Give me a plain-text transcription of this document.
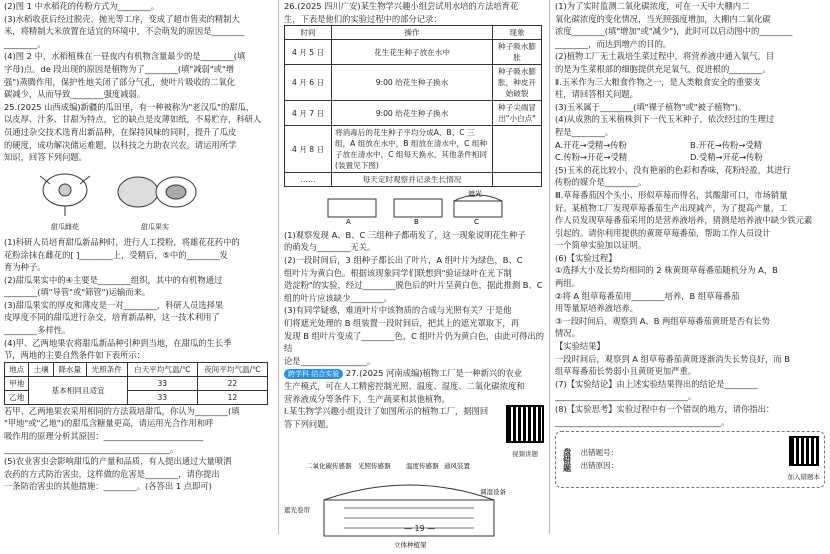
(2)图 1 中水稻花的传粉方式为________。

(3)水稻收获后经过脱壳、抛光等工序，变成了超市售卖的精制大

米，将精制大米放置在适宜的环境中，不会萌发的原因是________

________。

(4)图 2 中，水稻植株在一昼夜内有机物含量最少的是________(填

字母)点。de 段出现的原因是植物为了________(填"减弱"或"增

强")蒸腾作用，保护性地关闭了部分气孔，使叶片吸收的二氧化

碳减少，从而导致________强度减弱。

25.(2025 山西成编)新疆的瓜田里，有一种被称为"老汉瓜"的甜瓜，

以皮厚、汁多、甘甜为特点，它的缺点是皮薄如纸，不易贮存，科研人

员通过杂交技术选育出新品种，在保持风味的同时，提升了瓜皮

的硬度，成功解决储运难题，以科技之力助农兴农。请运用所学

知识，回答下列问题。

甜瓜雌花	甜瓜果实

(1)科研人员培育甜瓜新品种时，进行人工授粉，将雄花花药中的

花粉涂抹在雌花的[ ]________上，受精后，⑤中的________发

育为种子。

(2)甜瓜果实中的④主要是________组织，其中的有机物通过

________(填"导管"或"筛管")运输而来。

(3)甜瓜果实的厚皮和薄皮是一对________，科研人员选择果

皮厚度不同的甜瓜进行杂交，培育新品种，这一技术利用了

________多样性。

(4)甲、乙两地果农将甜瓜新品种引种到当地，在甜瓜的生长季

节，两地的主要自然条件如下表所示：

地点	土壤	降水量	光照条件	白天平均气温/℃	夜间平均气温/℃
甲地	基本相同且适宜			33	22
乙地				33	12

若甲、乙两地果农采用相同的方法栽培甜瓜，你认为________(填

"甲地"或"乙地")的甜瓜含糖量更高，请运用光合作用和呼

吸作用的原理分析其原因：________________________

________________________________________。

(5)农业害虫会影响甜瓜的产量和品质，有人提出通过大量喷洒

农药的方式防治害虫，这样做的危害是________，请你提出

一条防治害虫的其他措施：________。(各答出 1 点即可)

26.(2025 四川广安)某生物学兴趣小组尝试用水培的方法培育花

生，下表是他们的实验过程中的部分记录：

时间	操作	现象
4 月 5 日	花生花生种子放在水中	种子吸水膨胀
4 月 6 日	9:00 给花生种子换水	种子吸水膨胀，种皮开始破裂
4 月 7 日	9:00 给花生种子换水	种子尖端冒出"小白点"
4 月 8 日	将消毒后的花生种子平均分成A、B、C 三组，A 组放在水中，B 组放在清水中，C 组种子放在清水中，C 组每天换水，其他条件相同(装置见下图)	
……	每天定时观察并记录生长情况	
A	B	C
遮光

(1)观察发现 A、B、C 三组种子都萌发了，这一现象说明花生种子

的萌发与________无关。

(2)一段时间后，3 组种子都长出了叶片，A 组叶片为绿色，B、C

组叶片为黄白色。根据该现象同学们联想到"验证绿叶在光下制

造淀粉"的实验，经过________脱色后的叶片呈黄白色，据此推测 B、C

组的叶片应该缺少________。

(3)有同学疑惑，难道叶片中该物质的合成与光照有关？于是他

们将遮光处理的 B 组装置一段时间后，把其上的遮光罩取下，再

发现 B 组叶片变成了________色，C 组叶片仍为黄白色，由此可得出的结

论是________________。

跨学科 结合实验 27.(2025 河南成编)植物工厂是一种新兴的农业

生产模式，可在人工精密控制光照、温度、湿度、二氧化碳浓度和

营养液成分等条件下，生产蔬菜和其他植物。

Ⅰ.某生物学兴趣小组设计了如图所示的植物工厂，据图回

答下列问题。

视频讲题
二氧化碳传感器 光照传感器 温度传感器 通风装置
遮光卷帘
调湿设备
立体种植架

(1)为了实时监测二氧化碳浓度，可在一天中大棚内二

氧化碳浓度的变化情况，当光照强度增加，大棚内二氧化碳

浓度________(填"增加"或"减少")，此时可以启动图中的________

________，而达到增产的目的。

(2)植物工厂无土栽培生菜过程中，将营养液中通入氧气，目

的是为生菜根部的细胞提供充足氧气，促进根的________。

Ⅱ.玉米作为三大粮食作物之一，是人类粮食安全的重要支

柱，请回答相关问题。

(3)玉米属于________(填"裸子植物"或"被子植物")。

(4)从成熟的玉米植株到下一代玉米种子，依次经过的生理过

程是________。

A.开花→受精→传粉	B.开花→传粉→受精
C.传粉→开花→受精	D.受精→开花→传粉

(5)玉米的花比较小，没有艳丽的色彩和香味，花粉轻盈，其进行

传粉的媒介是________。

Ⅲ.草莓番茄因个头小、形似草莓而得名，其酸甜可口，市场销量

好。某植物工厂发现草莓番茄生产出现减产，为了提高产量，工

作人员发现草莓番茄采用的是营养液培养，猜测是培养液中缺少铁元素

引起的。请你利用提供的黄斑草莓番茄，帮助工作人员设计

一个简单实验加以证明。

(6)【实验过程】

①选择大小及长势均相同的 2 株黄斑草莓番茄随机分为 A，B

两组。

②将 A 组草莓番茄用________培养，B 组草莓番茄

用等量原培养液培养。

③一段时间后，观察到 A、B 两组草莓番茄黄斑是否有长势

情况。

【实验结果】

一段时间后，观察到 A 组草莓番茄黄斑逐渐消失长势良好，而 B

组草莓番茄长势弱小且黄斑更加严重。

(7)【实验结论】由上述实验结果得出的结论是________

________________________________。

(8)【实验思考】实验过程中有一个错误的地方，请你指出：

________________________________________。

盘错题 出错题号：
出错原因：
加入错题本
— 19 —
